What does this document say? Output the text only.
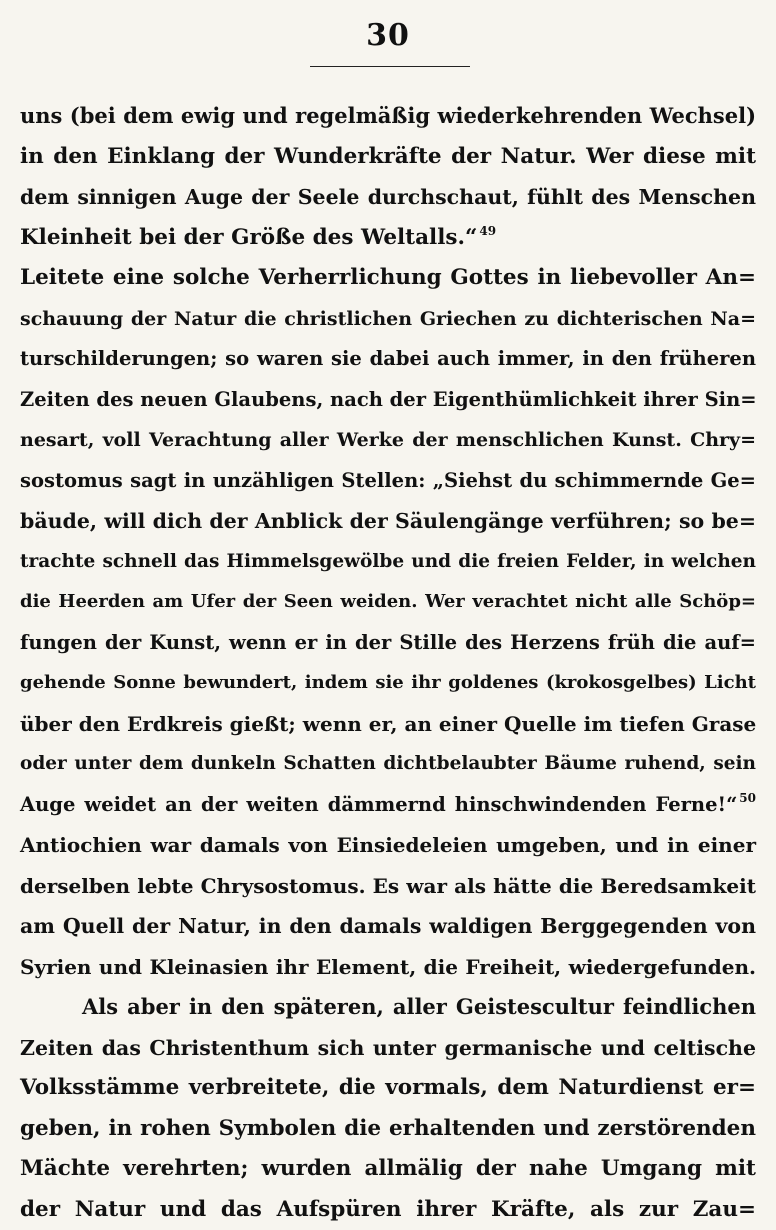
30
uns (bei dem ewig und regelmäßig wiederkehrenden Wechsel)
in den Einklang der Wunderkräfte der Natur. Wer diese mit
dem sinnigen Auge der Seele durchschaut, fühlt des Menschen
Kleinheit bei der Größe des Weltalls.“ $^{49}$
Leitete eine solche Verherrlichung Gottes in liebevoller An=
schauung der Natur die christlichen Griechen zu dichterischen Na=
turschilderungen; so waren sie dabei auch immer, in den früheren
Zeiten des neuen Glaubens, nach der Eigenthümlichkeit ihrer Sin=
nesart, voll Verachtung aller Werke der menschlichen Kunst. Chry=
sostomus sagt in unzähligen Stellen: „Siehst du schimmernde Ge=
bäude, will dich der Anblick der Säulengänge verführen; so be=
trachte schnell das Himmelsgewölbe und die freien Felder, in welchen
die Heerden am Ufer der Seen weiden. Wer verachtet nicht alle Schöp=
fungen der Kunst, wenn er in der Stille des Herzens früh die auf=
gehende Sonne bewundert, indem sie ihr goldenes (krokosgelbes) Licht
über den Erdkreis gießt; wenn er, an einer Quelle im tiefen Grase
oder unter dem dunkeln Schatten dichtbelaubter Bäume ruhend, sein
Auge weidet an der weiten dämmernd hinschwindenden Ferne!“ $^{50}$
Antiochien war damals von Einsiedeleien umgeben, und in einer
derselben lebte Chrysostomus. Es war als hätte die Beredsamkeit
am Quell der Natur, in den damals waldigen Berggegenden von
Syrien und Kleinasien ihr Element, die Freiheit, wiedergefunden.
Als aber in den späteren, aller Geistescultur feindlichen
Zeiten das Christenthum sich unter germanische und celtische
Volksstämme verbreitete, die vormals, dem Naturdienst er=
geben, in rohen Symbolen die erhaltenden und zerstörenden
Mächte verehrten; wurden allmälig der nahe Umgang mit
der Natur und das Aufspüren ihrer Kräfte, als zur Zau=
